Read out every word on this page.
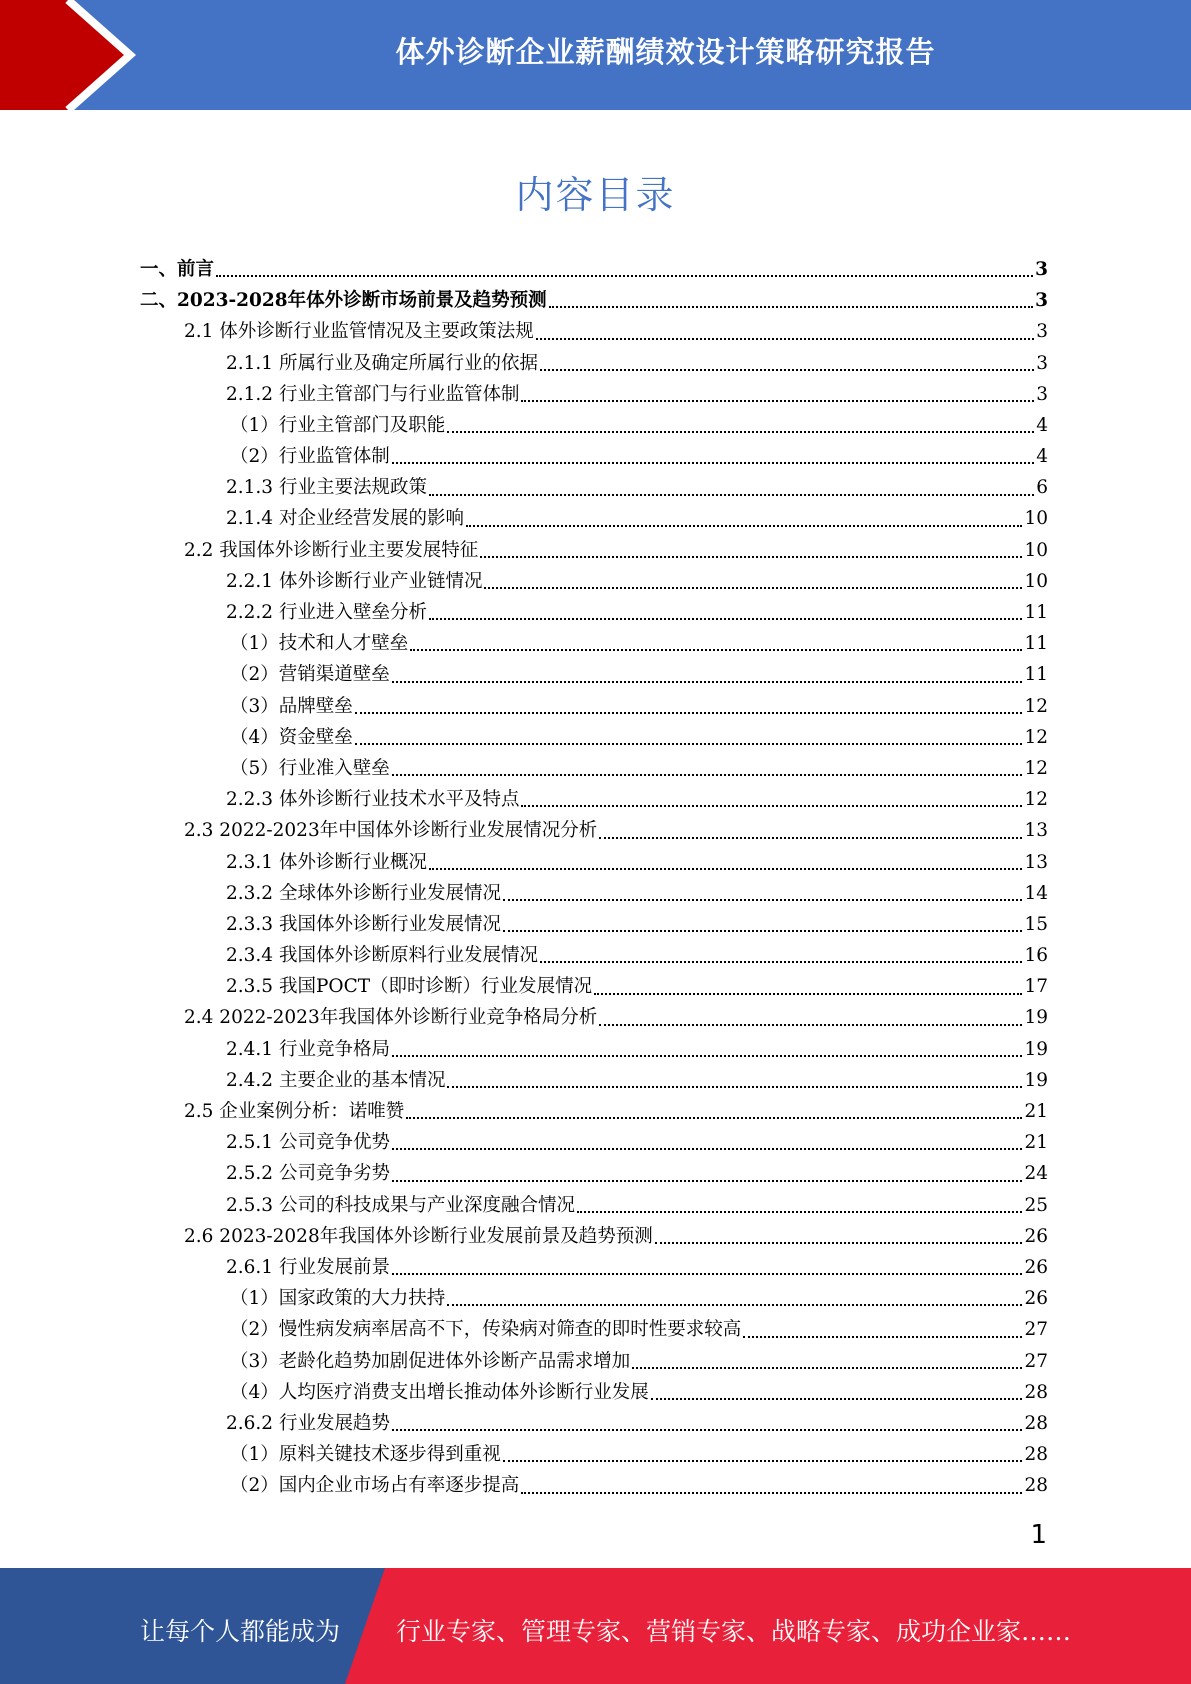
体外诊断企业薪酬绩效设计策略研究报告
内容目录
一、前言	3
二、2023-2028年体外诊断市场前景及趋势预测	3
2.1 体外诊断行业监管情况及主要政策法规	3
2.1.1 所属行业及确定所属行业的依据	3
2.1.2 行业主管部门与行业监管体制	3
（1）行业主管部门及职能	4
（2）行业监管体制	4
2.1.3 行业主要法规政策	6
2.1.4 对企业经营发展的影响	10
2.2 我国体外诊断行业主要发展特征	10
2.2.1 体外诊断行业产业链情况	10
2.2.2 行业进入壁垒分析	11
（1）技术和人才壁垒	11
（2）营销渠道壁垒	11
（3）品牌壁垒	12
（4）资金壁垒	12
（5）行业准入壁垒	12
2.2.3 体外诊断行业技术水平及特点	12
2.3 2022-2023年中国体外诊断行业发展情况分析	13
2.3.1 体外诊断行业概况	13
2.3.2 全球体外诊断行业发展情况	14
2.3.3 我国体外诊断行业发展情况	15
2.3.4 我国体外诊断原料行业发展情况	16
2.3.5 我国POCT（即时诊断）行业发展情况	17
2.4 2022-2023年我国体外诊断行业竞争格局分析	19
2.4.1 行业竞争格局	19
2.4.2 主要企业的基本情况	19
2.5 企业案例分析：诺唯赞	21
2.5.1 公司竞争优势	21
2.5.2 公司竞争劣势	24
2.5.3 公司的科技成果与产业深度融合情况	25
2.6 2023-2028年我国体外诊断行业发展前景及趋势预测	26
2.6.1 行业发展前景	26
（1）国家政策的大力扶持	26
（2）慢性病发病率居高不下，传染病对筛查的即时性要求较高	27
（3）老龄化趋势加剧促进体外诊断产品需求增加	27
（4）人均医疗消费支出增长推动体外诊断行业发展	28
2.6.2 行业发展趋势	28
（1）原料关键技术逐步得到重视	28
（2）国内企业市场占有率逐步提高	28
1
让每个人都能成为 行业专家、管理专家、营销专家、战略专家、成功企业家……
